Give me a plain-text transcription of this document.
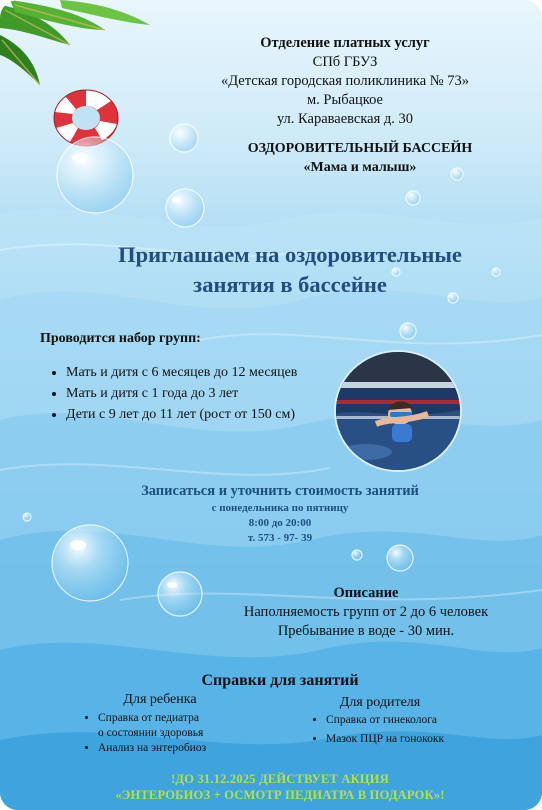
Отделение платных услуг
СПб ГБУЗ
«Детская городская поликлиника № 73»
м. Рыбацкое
ул. Караваевская д. 30
ОЗДОРОВИТЕЛЬНЫЙ БАССЕЙН
«Мама и малыш»
Приглашаем на оздоровительные
занятия в бассейне
Проводится набор групп:
• Мать и дитя с 6 месяцев до 12 месяцев
• Мать и дитя с 1 года до 3 лет
• Дети с 9 лет до 11 лет (рост от 150 см)
Записаться и уточнить стоимость занятий
с понедельника по пятницу
8:00 до 20:00
т. 573 - 97- 39
Описание
Наполняемость групп от 2 до 6 человек
Пребывание в воде - 30 мин.
Справки для занятий
Для ребенка	Для родителя
• Справка от педиатра
о состоянии здоровья
• Анализ на энтеробиоз
• Справка от гинеколога
• Мазок ПЦР на гонококк
!ДО 31.12.2025 ДЕЙСТВУЕТ АКЦИЯ
«ЭНТЕРОБИОЗ + ОСМОТР ПЕДИАТРА В ПОДАРОК»!
